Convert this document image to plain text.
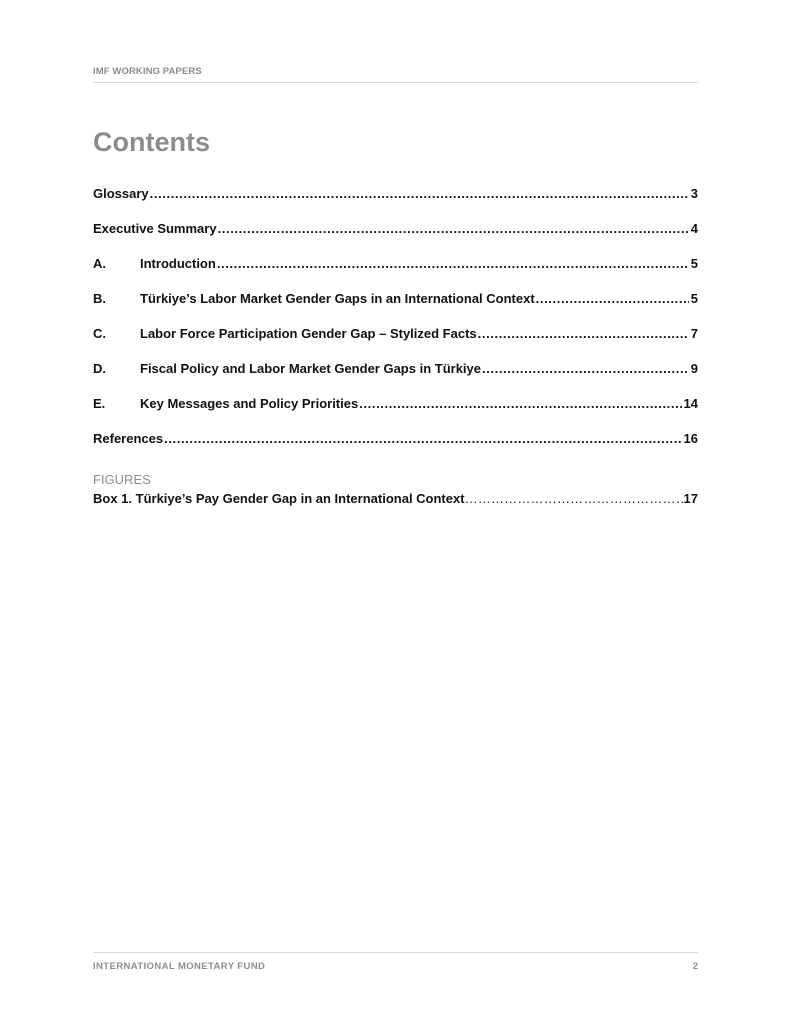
IMF WORKING PAPERS
Contents
Glossary .....	3
Executive Summary .....	4
A.	Introduction .....	5
B.	Türkiye’s Labor Market Gender Gaps in an International Context .....	5
C.	Labor Force Participation Gender Gap – Stylized Facts .....	7
D.	Fiscal Policy and Labor Market Gender Gaps in Türkiye .....	9
E.	Key Messages and Policy Priorities .....	14
References .....	16
FIGURES
Box 1. Türkiye’s Pay Gender Gap in an International Context ……………………………………………………………………………………………………	17
INTERNATIONAL MONETARY FUND	2
